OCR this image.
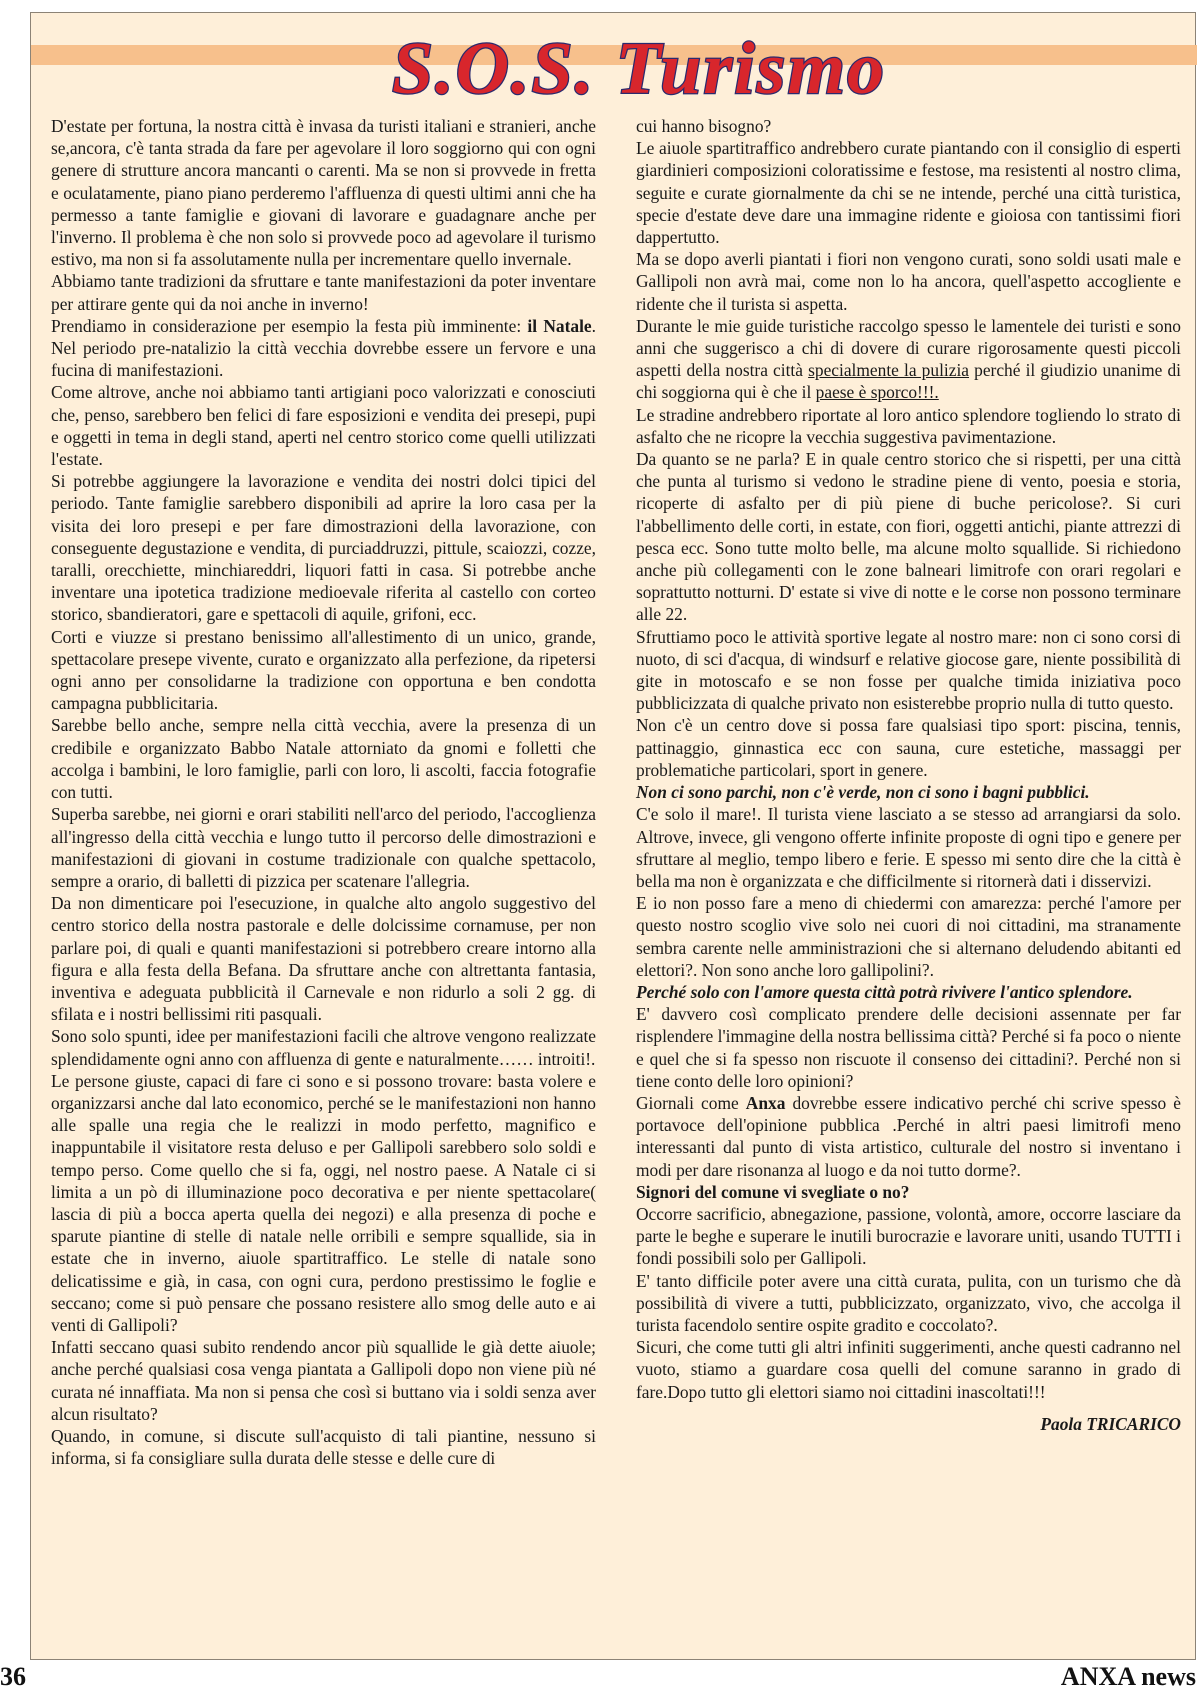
S.O.S. Turismo

D'estate per fortuna, la nostra città è invasa da turisti italiani e stranieri, anche se,ancora, c'è tanta strada da fare per agevolare il loro soggiorno qui con ogni genere di strutture ancora mancanti o carenti. Ma se non si provvede in fretta e oculatamente, piano piano perderemo l'affluenza di questi ultimi anni che ha permesso a tante famiglie e giovani di lavorare e guadagnare anche per l'inverno. Il problema è che non solo si provvede poco ad agevolare il turismo estivo, ma non si fa assolutamente nulla per incrementare quello invernale.

Abbiamo tante tradizioni da sfruttare e tante manifestazioni da poter inventare per attirare gente qui da noi anche in inverno!

Prendiamo in considerazione per esempio la festa più imminente: il Natale. Nel periodo pre-natalizio la città vecchia dovrebbe essere un fervore e una fucina di manifestazioni.

Come altrove, anche noi abbiamo tanti artigiani poco valorizzati e conosciuti che, penso, sarebbero ben felici di fare esposizioni e vendita dei presepi, pupi e oggetti in tema in degli stand, aperti nel centro storico come quelli utilizzati l'estate.

Si potrebbe aggiungere la lavorazione e vendita dei nostri dolci tipici del periodo. Tante famiglie sarebbero disponibili ad aprire la loro casa per la visita dei loro presepi e per fare dimostrazioni della lavorazione, con conseguente degustazione e vendita, di purciaddruzzi, pittule, scaiozzi, cozze, taralli, orecchiette, minchiareddri, liquori fatti in casa. Si potrebbe anche inventare una ipotetica tradizione medioevale riferita al castello con corteo storico, sbandieratori, gare e spettacoli di aquile, grifoni, ecc.

Corti e viuzze si prestano benissimo all'allestimento di un unico, grande, spettacolare presepe vivente, curato e organizzato alla perfezione, da ripetersi ogni anno per consolidarne la tradizione con opportuna e ben condotta campagna pubblicitaria.

Sarebbe bello anche, sempre nella città vecchia, avere la presenza di un credibile e organizzato Babbo Natale attorniato da gnomi e folletti che accolga i bambini, le loro famiglie, parli con loro, li ascolti, faccia fotografie con tutti.

Superba sarebbe, nei giorni e orari stabiliti nell'arco del periodo, l'accoglienza all'ingresso della città vecchia e lungo tutto il percorso delle dimostrazioni e manifestazioni di giovani in costume tradizionale con qualche spettacolo, sempre a orario, di balletti di pizzica per scatenare l'allegria.

Da non dimenticare poi l'esecuzione, in qualche alto angolo suggestivo del centro storico della nostra pastorale e delle dolcissime cornamuse, per non parlare poi, di quali e quanti manifestazioni si potrebbero creare intorno alla figura e alla festa della Befana. Da sfruttare anche con altrettanta fantasia, inventiva e adeguata pubblicità il Carnevale e non ridurlo a soli 2 gg. di sfilata e i nostri bellissimi riti pasquali.

Sono solo spunti, idee per manifestazioni facili che altrove vengono realizzate splendidamente ogni anno con affluenza di gente e naturalmente…… introiti!.

Le persone giuste, capaci di fare ci sono e si possono trovare: basta volere e organizzarsi anche dal lato economico, perché se le manifestazioni non hanno alle spalle una regia che le realizzi in modo perfetto, magnifico e inappuntabile il visitatore resta deluso e per Gallipoli sarebbero solo soldi e tempo perso. Come quello che si fa, oggi, nel nostro paese. A Natale ci si limita a un pò di illuminazione poco decorativa e per niente spettacolare( lascia di più a bocca aperta quella dei negozi) e alla presenza di poche e sparute piantine di stelle di natale nelle orribili e sempre squallide, sia in estate che in inverno, aiuole spartitraffico. Le stelle di natale sono delicatissime e già, in casa, con ogni cura, perdono prestissimo le foglie e seccano; come si può pensare che possano resistere allo smog delle auto e ai venti di Gallipoli?

Infatti seccano quasi subito rendendo ancor più squallide le già dette aiuole; anche perché qualsiasi cosa venga piantata a Gallipoli dopo non viene più né curata né innaffiata. Ma non si pensa che così si buttano via i soldi senza aver alcun risultato?

Quando, in comune, si discute sull'acquisto di tali piantine, nessuno si informa, si fa consigliare sulla durata delle stesse e delle cure di

cui hanno bisogno?

Le aiuole spartitraffico andrebbero curate piantando con il consiglio di esperti giardinieri composizioni coloratissime e festose, ma resistenti al nostro clima, seguite e curate giornalmente da chi se ne intende, perché una città turistica, specie d'estate deve dare una immagine ridente e gioiosa con tantissimi fiori dappertutto.

Ma se dopo averli piantati i fiori non vengono curati, sono soldi usati male e Gallipoli non avrà mai, come non lo ha ancora, quell'aspetto accogliente e ridente che il turista si aspetta.

Durante le mie guide turistiche raccolgo spesso le lamentele dei turisti e sono anni che suggerisco a chi di dovere di curare rigorosamente questi piccoli aspetti della nostra città specialmente la pulizia perché il giudizio unanime di chi soggiorna qui è che il paese è sporco!!!.

Le stradine andrebbero riportate al loro antico splendore togliendo lo strato di asfalto che ne ricopre la vecchia suggestiva pavimentazione.

Da quanto se ne parla? E in quale centro storico che si rispetti, per una città che punta al turismo si vedono le stradine piene di vento, poesia e storia, ricoperte di asfalto per di più piene di buche pericolose?. Si curi l'abbellimento delle corti, in estate, con fiori, oggetti antichi, piante attrezzi di pesca ecc. Sono tutte molto belle, ma alcune molto squallide. Si richiedono anche più collegamenti con le zone balneari limitrofe con orari regolari e soprattutto notturni. D' estate si vive di notte e le corse non possono terminare alle 22.

Sfruttiamo poco le attività sportive legate al nostro mare: non ci sono corsi di nuoto, di sci d'acqua, di windsurf e relative giocose gare, niente possibilità di gite in motoscafo e se non fosse per qualche timida iniziativa poco pubblicizzata di qualche privato non esisterebbe proprio nulla di tutto questo.

Non c'è un centro dove si possa fare qualsiasi tipo sport: piscina, tennis, pattinaggio, ginnastica ecc con sauna, cure estetiche, massaggi per problematiche particolari, sport in genere.

Non ci sono parchi, non c'è verde, non ci sono i bagni pubblici.

C'e solo il mare!. Il turista viene lasciato a se stesso ad arrangiarsi da solo. Altrove, invece, gli vengono offerte infinite proposte di ogni tipo e genere per sfruttare al meglio, tempo libero e ferie. E spesso mi sento dire che la città è bella ma non è organizzata e che difficilmente si ritornerà dati i disservizi.

E io non posso fare a meno di chiedermi con amarezza: perché l'amore per questo nostro scoglio vive solo nei cuori di noi cittadini, ma stranamente sembra carente nelle amministrazioni che si alternano deludendo abitanti ed elettori?. Non sono anche loro gallipolini?.

Perché solo con l'amore questa città potrà rivivere l'antico splendore.

E' davvero così complicato prendere delle decisioni assennate per far risplendere l'immagine della nostra bellissima città? Perché si fa poco o niente e quel che si fa spesso non riscuote il consenso dei cittadini?. Perché non si tiene conto delle loro opinioni?

Giornali come Anxa dovrebbe essere indicativo perché chi scrive spesso è portavoce dell'opinione pubblica .Perché in altri paesi limitrofi meno interessanti dal punto di vista artistico, culturale del nostro si inventano i modi per dare risonanza al luogo e da noi tutto dorme?.

Signori del comune vi svegliate o no?

Occorre sacrificio, abnegazione, passione, volontà, amore, occorre lasciare da parte le beghe e superare le inutili burocrazie e lavorare uniti, usando TUTTI i fondi possibili solo per Gallipoli.

E' tanto difficile poter avere una città curata, pulita, con un turismo che dà possibilità di vivere a tutti, pubblicizzato, organizzato, vivo, che accolga il turista facendolo sentire ospite gradito e coccolato?.

Sicuri, che come tutti gli altri infiniti suggerimenti, anche questi cadranno nel vuoto, stiamo a guardare cosa quelli del comune saranno in grado di fare.Dopo tutto gli elettori siamo noi cittadini inascoltati!!!

Paola TRICARICO

36	ANXA news
